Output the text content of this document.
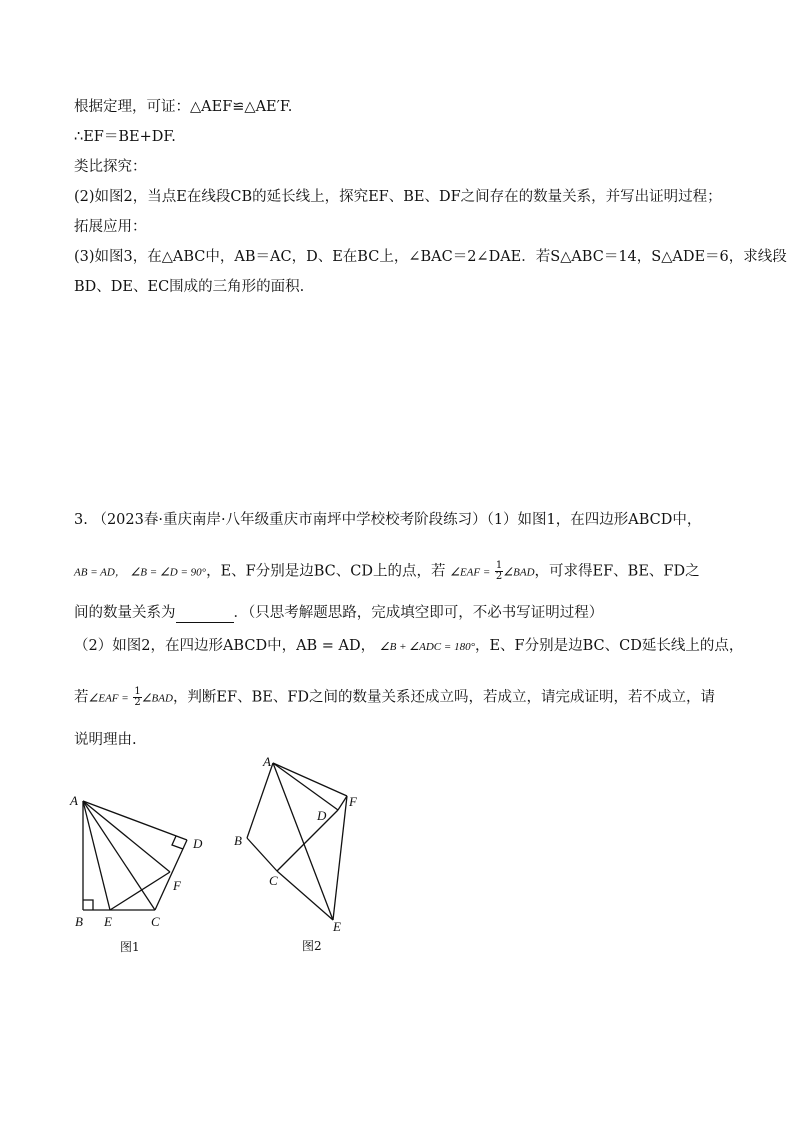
根据定理，可证：△AEF≌△AE′F.
∴EF＝BE+DF.
类比探究：
(2)如图2，当点E在线段CB的延长线上，探究EF、BE、DF之间存在的数量关系，并写出证明过程；
拓展应用：
(3)如图3，在△ABC中，AB＝AC，D、E在BC上，∠BAC＝2∠DAE．若S△ABC＝14，S△ADE＝6，求线段
BD、DE、EC围成的三角形的面积.
3. （2023春·重庆南岸·八年级重庆市南坪中学校校考阶段练习）（1）如图1，在四边形ABCD中，
AB = AD， ∠B = ∠D = 90°，E、F分别是边BC、CD上的点，若 ∠EAF = $\frac{1}{2}$ ∠BAD，可求得EF、BE、FD之
间的数量关系为	．（只思考解题思路，完成填空即可，不必书写证明过程）
（2）如图2，在四边形ABCD中，AB = AD， ∠B + ∠ADC = 180°，E、F分别是边BC、CD延长线上的点，
若∠EAF = $\frac{1}{2}$ ∠BAD，判断EF、BE、FD之间的数量关系还成立吗，若成立，请完成证明，若不成立，请
说明理由.
A
B	C
D
E
F
图1
A
B
C
D
E
F
图2
